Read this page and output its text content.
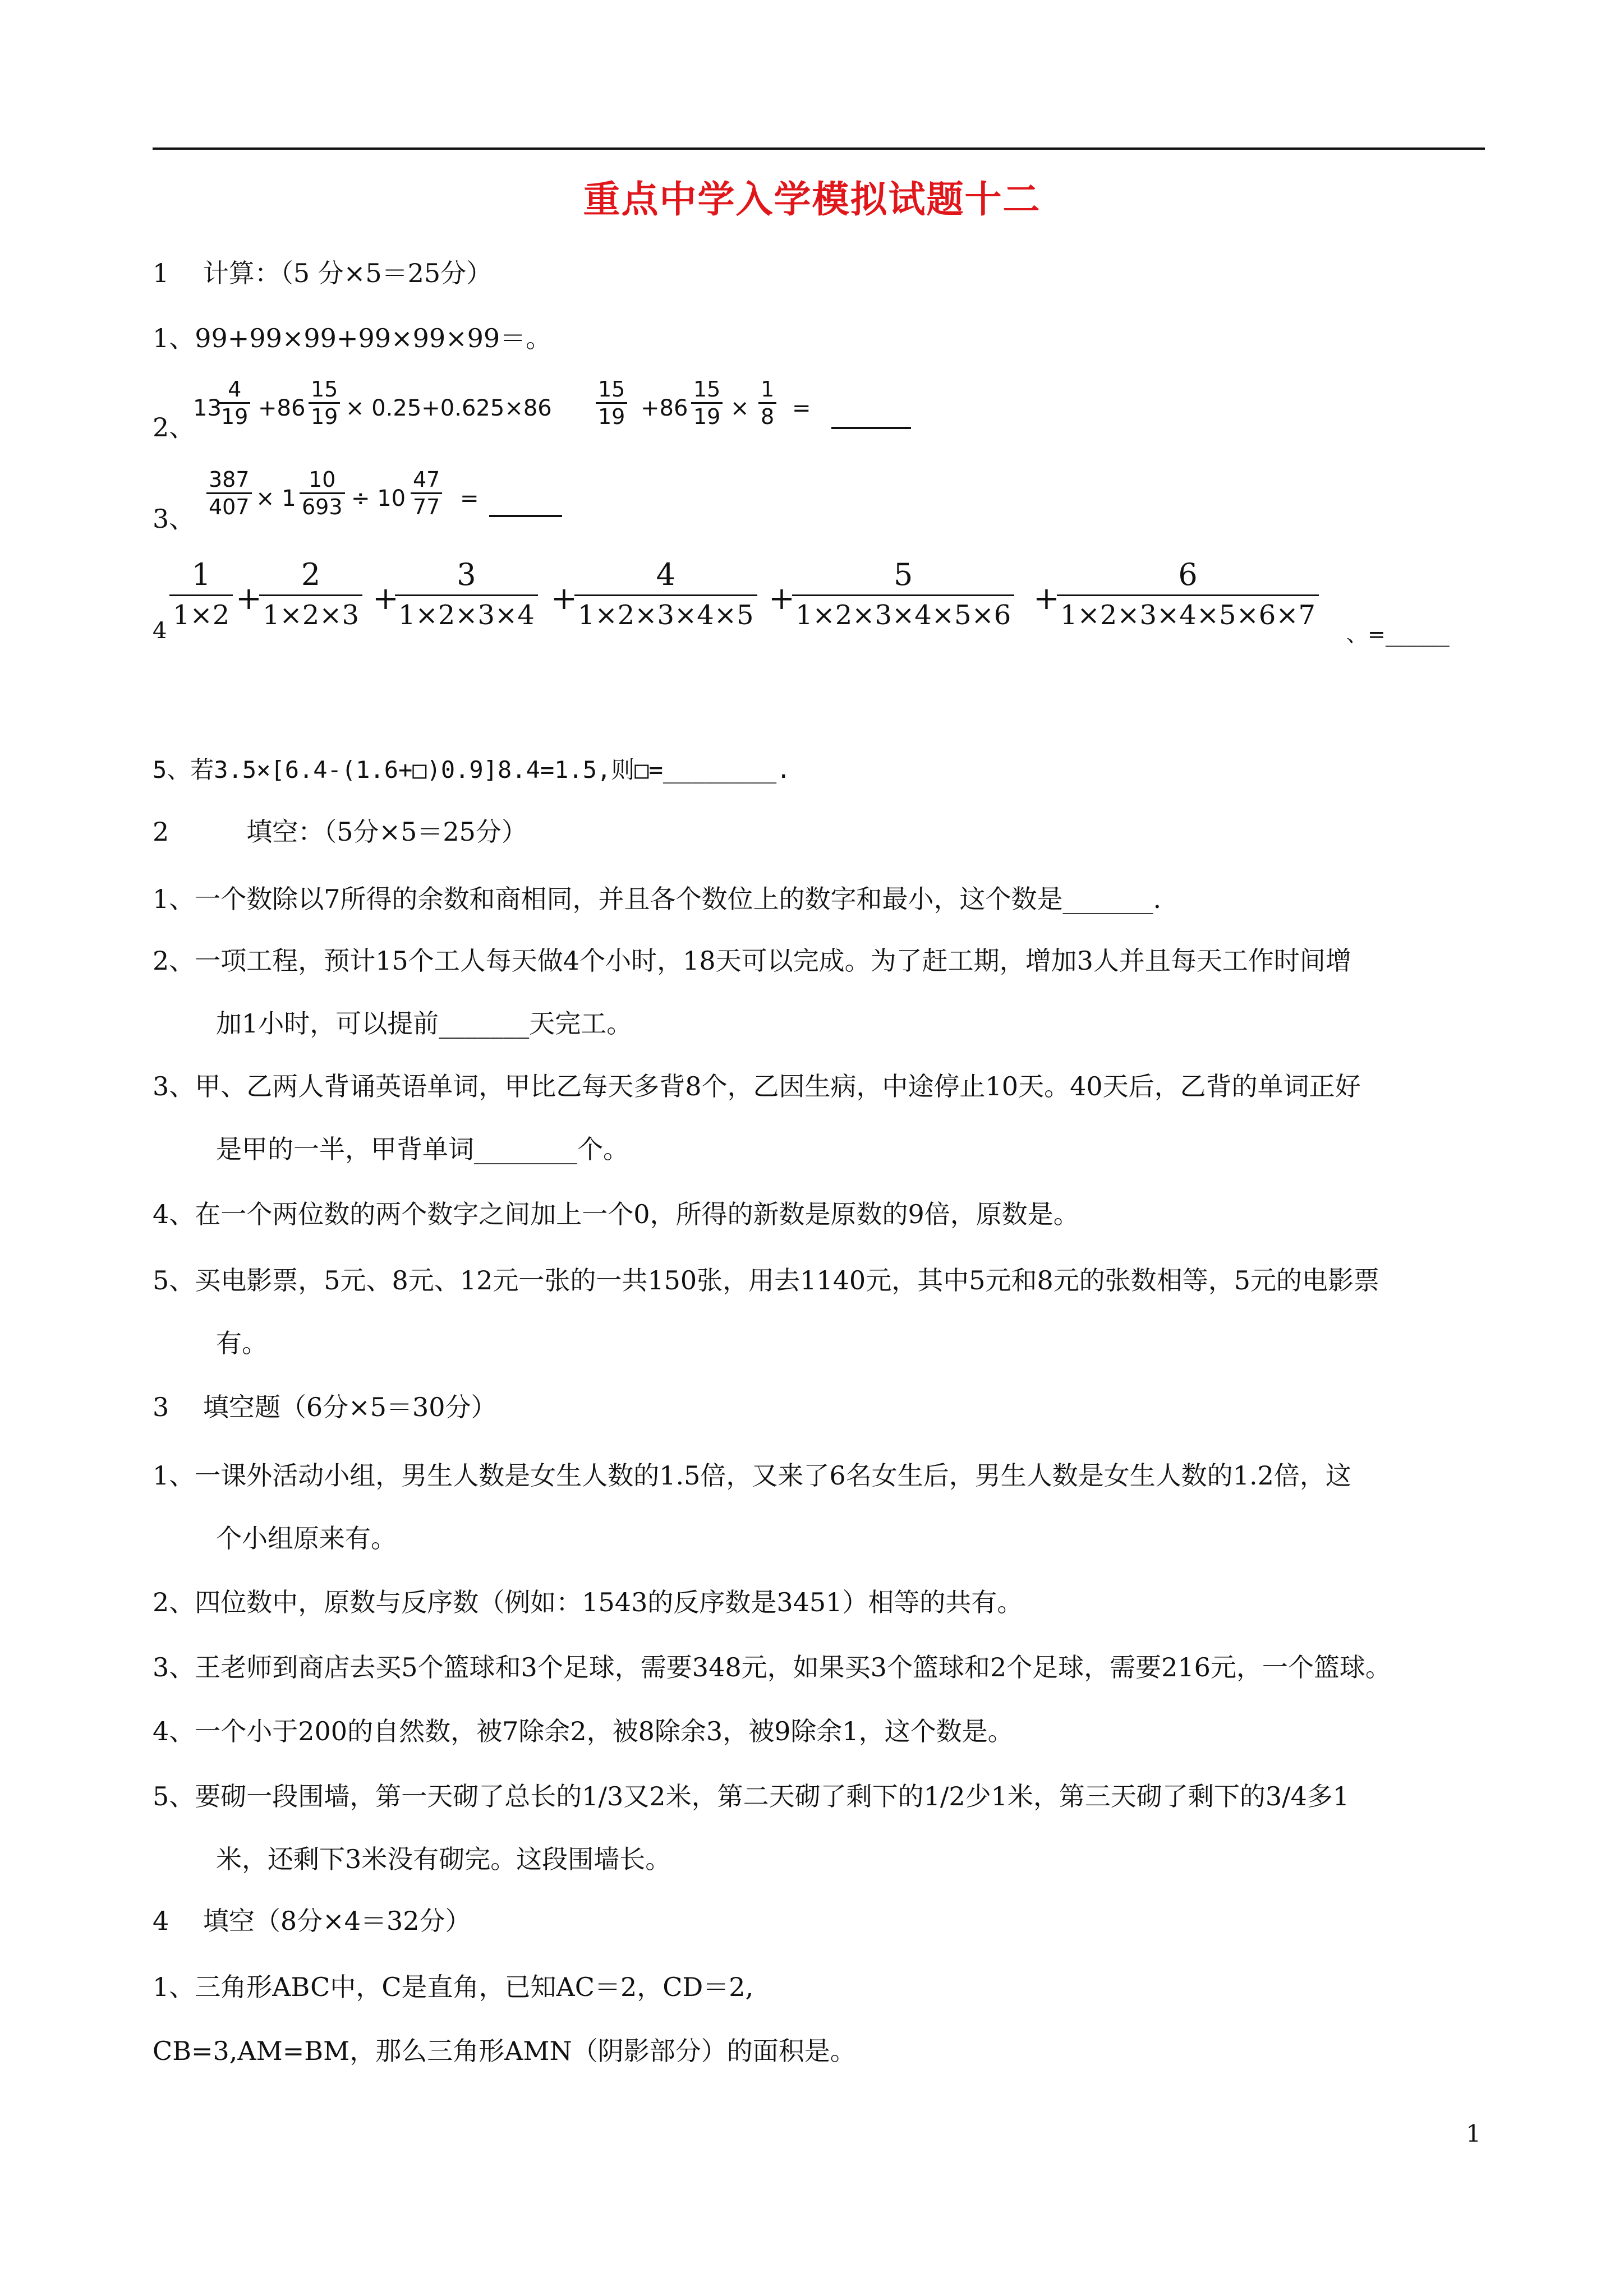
重点中学入学模拟试题十二
1　 计算：（5 分×5＝25分）
1、99+99×99+99×99×99＝。
2、
13
$\frac{4}{19} +86 \frac{15}{19} \times 0.25+0.625\times 86 \frac{15}{19} +86 \frac{15}{19} \times \frac{1}{8}$ =
3、 $\frac{387}{407} \times 1 \frac{10}{693} \div 10 \frac{47}{77}$ =
4
1
1×2 +
2
1×2×3 +
3
1×2×3×4 +
4
1×2×3×4×5 +
5
1×2×3×4×5×6 +
6
1×2×3×4×5×6×7
、=______
5、若3.5×[6.4-(1.6+□)0.9]8.4=1.5,则□=________.
2　　　填空：（5分×5＝25分）
1、一个数除以7所得的余数和商相同，并且各个数位上的数字和最小，这个数是_______.
2、一项工程，预计15个工人每天做4个小时，18天可以完成。为了赶工期，增加3人并且每天工作时间增
加1小时，可以提前_______天完工。
3、甲、乙两人背诵英语单词，甲比乙每天多背8个，乙因生病，中途停止10天。40天后，乙背的单词正好
是甲的一半，甲背单词________个。
4、在一个两位数的两个数字之间加上一个0，所得的新数是原数的9倍，原数是。
5、买电影票，5元、8元、12元一张的一共150张，用去1140元，其中5元和8元的张数相等，5元的电影票
有。
3　 填空题（6分×5＝30分）
1、一课外活动小组，男生人数是女生人数的1.5倍，又来了6名女生后，男生人数是女生人数的1.2倍，这
个小组原来有。
2、四位数中，原数与反序数（例如：1543的反序数是3451）相等的共有。
3、王老师到商店去买5个篮球和3个足球，需要348元，如果买3个篮球和2个足球，需要216元，一个篮球。
4、一个小于200的自然数，被7除余2，被8除余3，被9除余1，这个数是。
5、要砌一段围墙，第一天砌了总长的1/3又2米，第二天砌了剩下的1/2少1米，第三天砌了剩下的3/4多1
米，还剩下3米没有砌完。这段围墙长。
4　 填空（8分×4＝32分）
1、三角形ABC中，C是直角，已知AC＝2，CD＝2,
CB=3,AM=BM，那么三角形AMN（阴影部分）的面积是。
1
